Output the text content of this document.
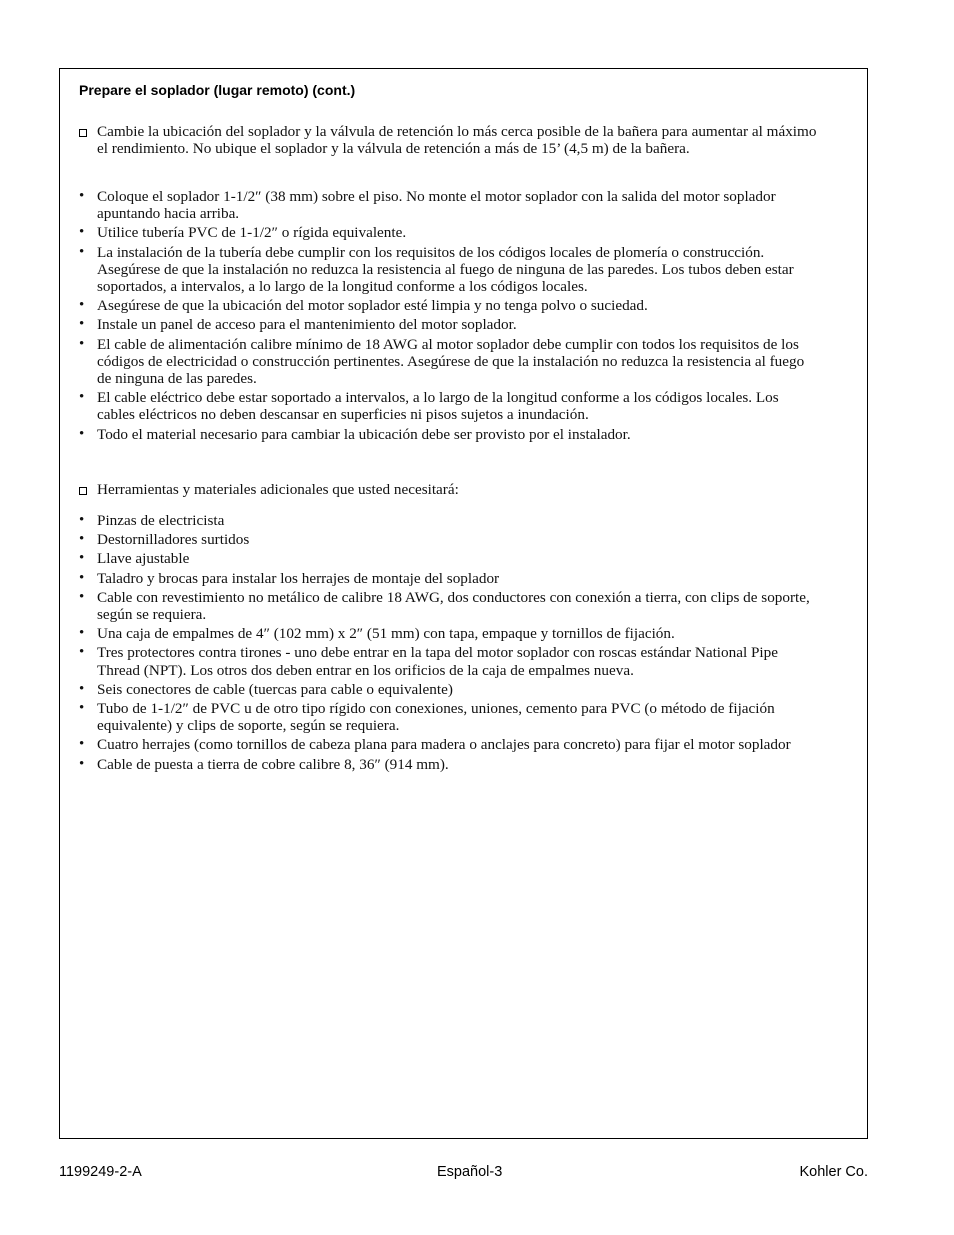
Prepare el soplador (lugar remoto) (cont.)
Cambie la ubicación del soplador y la válvula de retención lo más cerca posible de la bañera para aumentar al máximo el rendimiento. No ubique el soplador y la válvula de retención a más de 15’ (4,5 m) de la bañera.
• Coloque el soplador 1-1/2″ (38 mm) sobre el piso. No monte el motor soplador con la salida del motor soplador apuntando hacia arriba.
• Utilice tubería PVC de 1-1/2″ o rígida equivalente.
• La instalación de la tubería debe cumplir con los requisitos de los códigos locales de plomería o construcción. Asegúrese de que la instalación no reduzca la resistencia al fuego de ninguna de las paredes. Los tubos deben estar soportados, a intervalos, a lo largo de la longitud conforme a los códigos locales.
• Asegúrese de que la ubicación del motor soplador esté limpia y no tenga polvo o suciedad.
• Instale un panel de acceso para el mantenimiento del motor soplador.
• El cable de alimentación calibre mínimo de 18 AWG al motor soplador debe cumplir con todos los requisitos de los códigos de electricidad o construcción pertinentes. Asegúrese de que la instalación no reduzca la resistencia al fuego de ninguna de las paredes.
• El cable eléctrico debe estar soportado a intervalos, a lo largo de la longitud conforme a los códigos locales. Los cables eléctricos no deben descansar en superficies ni pisos sujetos a inundación.
• Todo el material necesario para cambiar la ubicación debe ser provisto por el instalador.
Herramientas y materiales adicionales que usted necesitará:
• Pinzas de electricista
• Destornilladores surtidos
• Llave ajustable
• Taladro y brocas para instalar los herrajes de montaje del soplador
• Cable con revestimiento no metálico de calibre 18 AWG, dos conductores con conexión a tierra, con clips de soporte, según se requiera.
• Una caja de empalmes de 4″ (102 mm) x 2″ (51 mm) con tapa, empaque y tornillos de fijación.
• Tres protectores contra tirones - uno debe entrar en la tapa del motor soplador con roscas estándar National Pipe Thread (NPT). Los otros dos deben entrar en los orificios de la caja de empalmes nueva.
• Seis conectores de cable (tuercas para cable o equivalente)
• Tubo de 1-1/2″ de PVC u de otro tipo rígido con conexiones, uniones, cemento para PVC (o método de fijación equivalente) y clips de soporte, según se requiera.
• Cuatro herrajes (como tornillos de cabeza plana para madera o anclajes para concreto) para fijar el motor soplador
• Cable de puesta a tierra de cobre calibre 8, 36″ (914 mm).
1199249-2-A	Español-3	Kohler Co.
